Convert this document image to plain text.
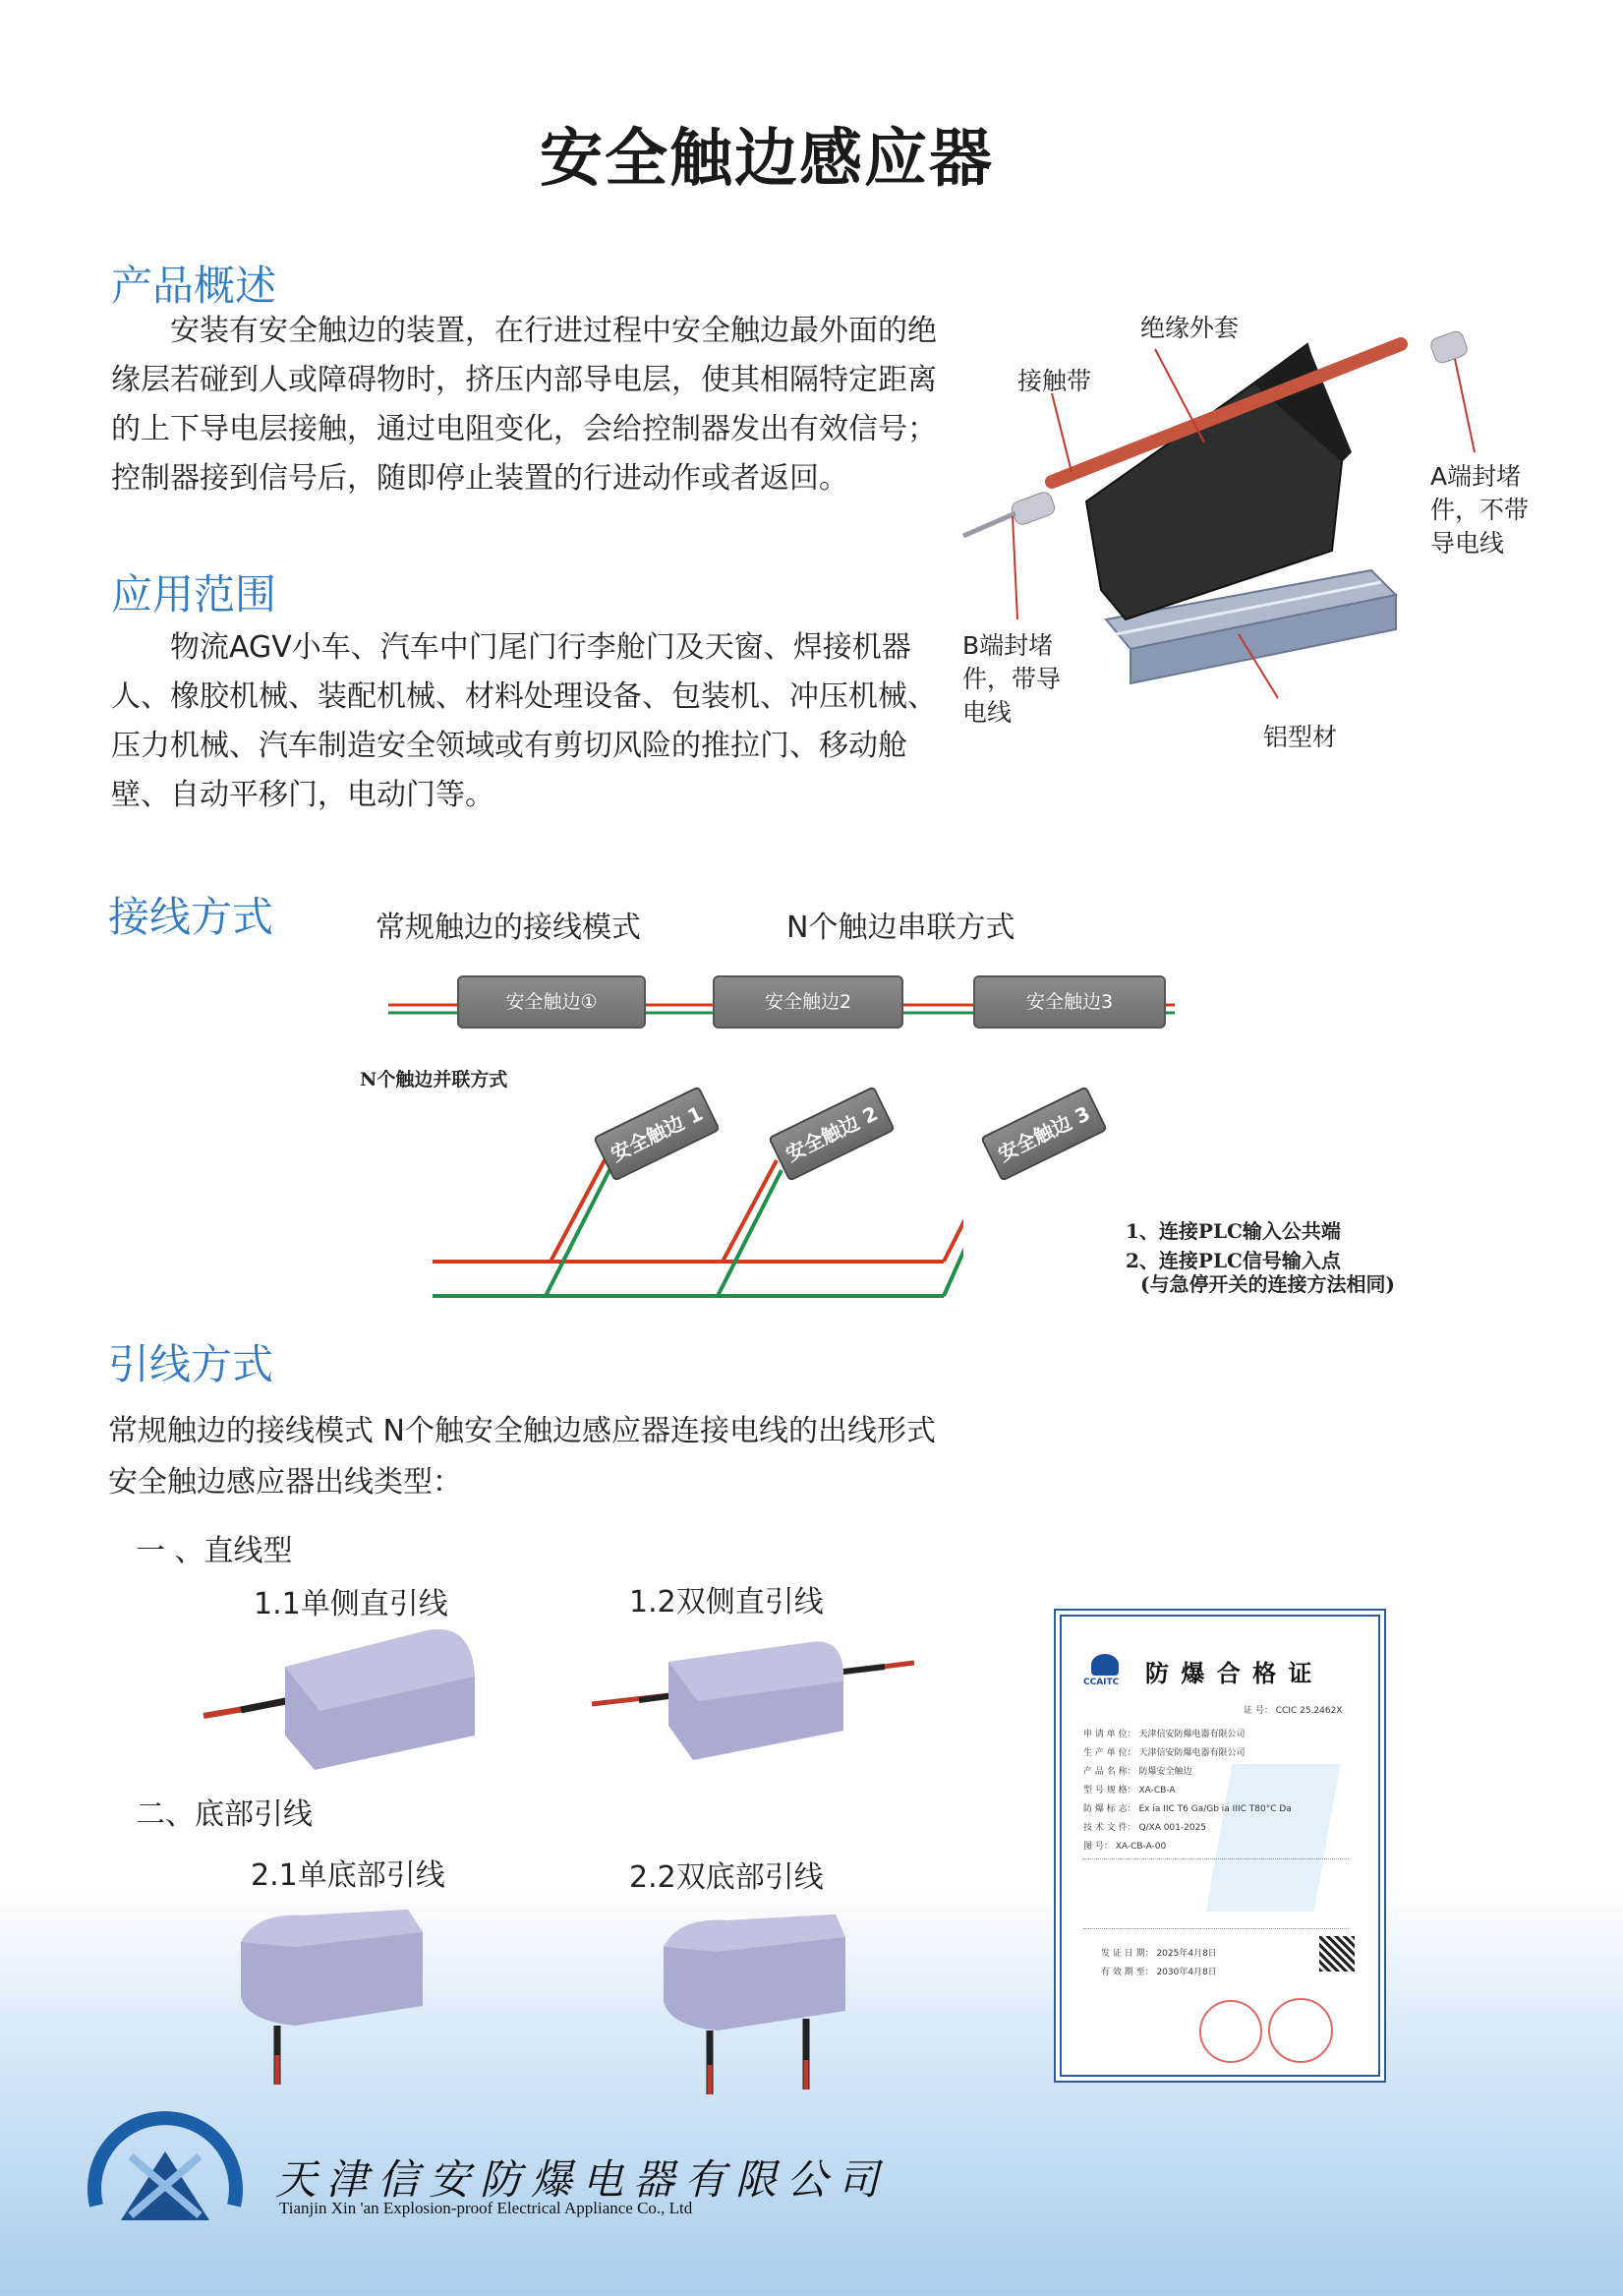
安全触边感应器
产品概述
安装有安全触边的装置，在行进过程中安全触边最外面的绝缘层若碰到人或障碍物时，挤压内部导电层，使其相隔特定距离的上下导电层接触，通过电阻变化，会给控制器发出有效信号；控制器接到信号后，随即停止装置的行进动作或者返回。
应用范围
物流AGV小车、汽车中门尾门行李舱门及天窗、焊接机器人、橡胶机械、装配机械、材料处理设备、包装机、冲压机械、压力机械、汽车制造安全领域或有剪切风险的推拉门、移动舱壁、自动平移门，电动门等。
绝缘外套
接触带
A端封堵件，不带导电线
B端封堵件，带导电线
铝型材
接线方式	常规触边的接线模式	N个触边串联方式
安全触边①	安全触边2	安全触边3
N个触边并联方式
安全触边 1	安全触边 2	安全触边 3
1、连接PLC输入公共端
2、连接PLC信号输入点
(与急停开关的连接方法相同)
引线方式
常规触边的接线模式 N个触安全触边感应器连接电线的出线形式
安全触边感应器出线类型：
一 、直线型
1.1单侧直引线	1.2双侧直引线
二、底部引线
2.1单底部引线	2.2双底部引线
CCAITC 防 爆 合 格 证
证 号： CCIC 25.2462X
申 请 单 位： 天津信安防爆电器有限公司
生 产 单 位： 天津信安防爆电器有限公司
产 品 名 称： 防爆安全触边
型 号 规 格： XA-CB-A
防 爆 标 志： Ex ia IIC T6 Ga/Gb ia IIIC T80°C Da
技 术 文 件： Q/XA 001-2025
图 号： XA-CB-A-00
发 证 日 期： 2025年4月8日
有 效 期 至： 2030年4月8日
天津信安防爆电器有限公司
Tianjin Xin 'an Explosion-proof Electrical Appliance Co., Ltd
